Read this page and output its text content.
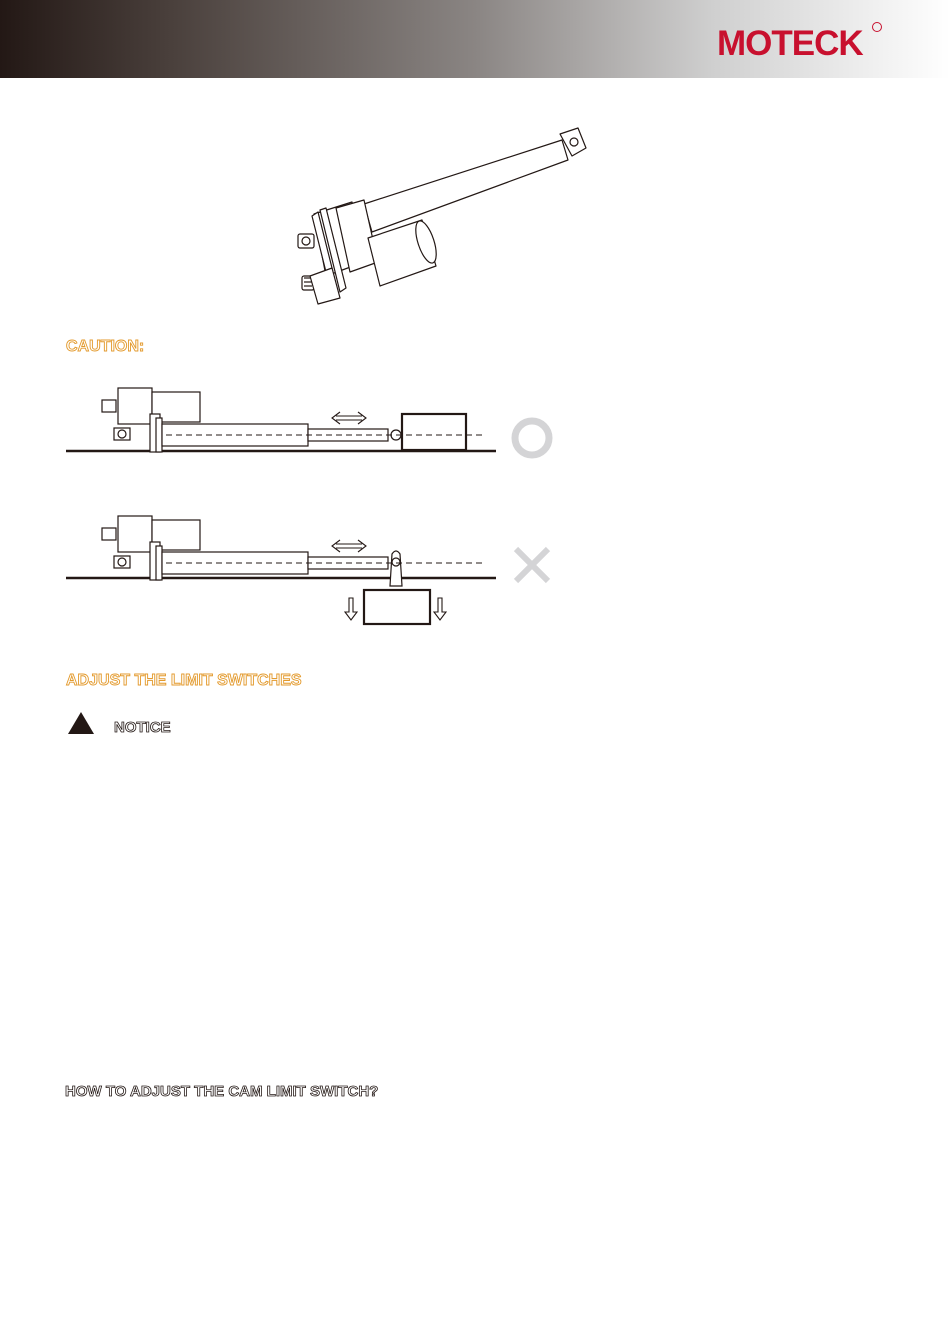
MOTECK
CAUTION:
ADJUST THE LIMIT SWITCHES
NOTICE
HOW TO ADJUST THE CAM LIMIT SWITCH?
